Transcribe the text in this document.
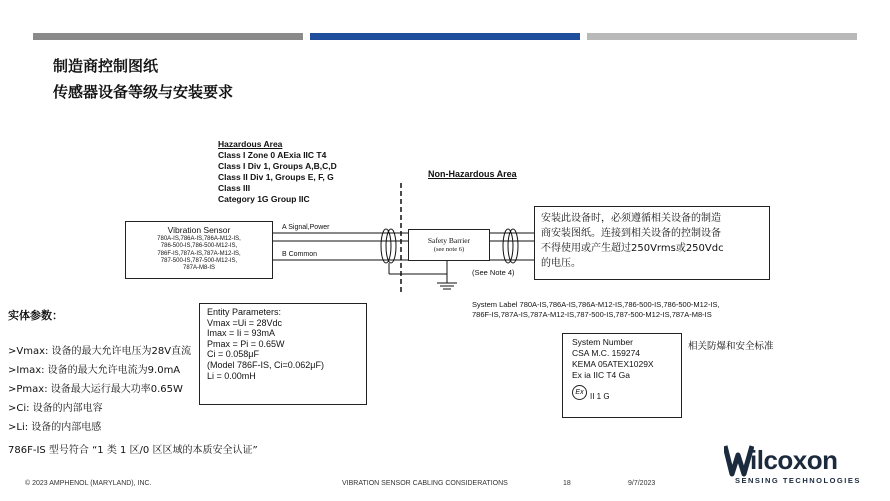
制造商控制图纸
传感器设备等级与安装要求
Hazardous Area
Class I Zone 0 AExia IIC T4
Class I Div 1, Groups A,B,C,D
Class II Div 1, Groups E, F, G
Class III
Category 1G Group IIC
Non-Hazardous Area
Vibration Sensor
780A-IS,786A-IS,786A-M12-IS,
786-500-IS,786-500-M12-IS,
786F-IS,787A-IS,787A-M12-IS,
787-500-IS,787-500-M12-IS,
787A-M8-IS
A Signal,Power
B Common
Safety Barrier
(see note 6)
(See Note 4)
安装此设备时，必须遵循相关设备的制造
商安装图纸。连接到相关设备的控制设备
不得使用或产生超过250Vrms或250Vdc
的电压。
System Label 780A-IS,786A-IS,786A-M12-IS,786-500-IS,786-500-M12-IS,
786F-IS,787A-IS,787A-M12-IS,787-500-IS,787-500-M12-IS,787A-M8-IS
实体参数：
>Vmax: 设备的最大允许电压为28V直流
>Imax: 设备的最大允许电流为9.0mA
>Pmax: 设备最大运行最大功率0.65W
>Ci: 设备的内部电容
>Li: 设备的内部电感
786F-IS 型号符合 “1 类 1 区/0 区区域的本质安全认证”
Entity Parameters:
Vmax =Ui = 28Vdc
Imax = Ii = 93mA
Pmax = Pi = 0.65W
Ci = 0.058μF
(Model 786F-IS, Ci=0.062μF)
Li = 0.00mH
System Number
CSA M.C. 159274
KEMA 05ATEX1029X
Ex ia IIC T4 Ga
Ex II 1 G
相关防爆和安全标准
© 2023 AMPHENOL (MARYLAND), INC.	VIBRATION SENSOR CABLING CONSIDERATIONS	18	9/7/2023
ilcoxon
SENSING TECHNOLOGIES
